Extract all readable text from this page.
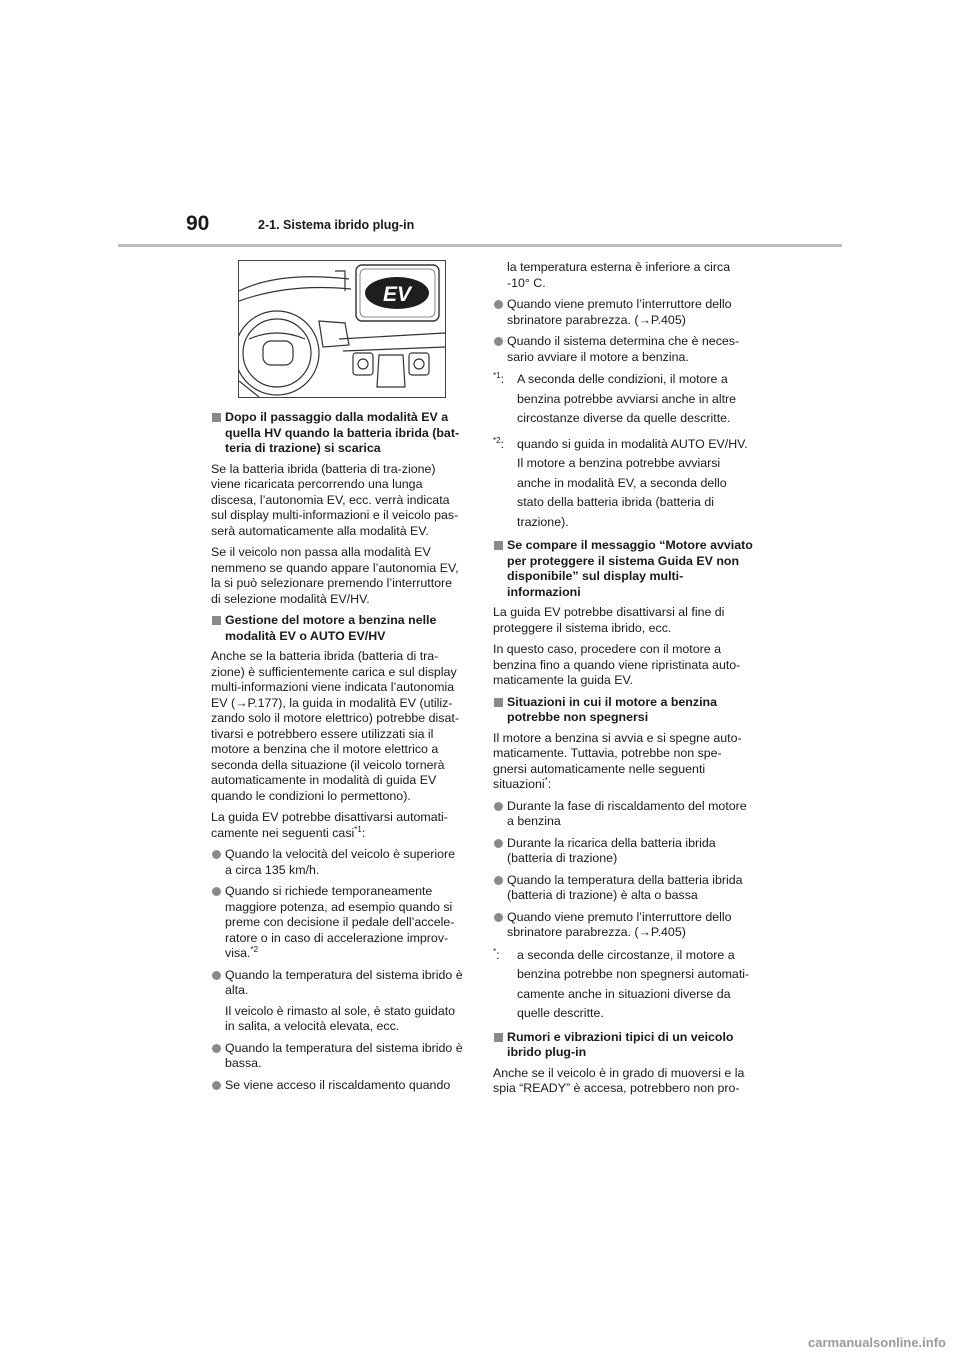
90	2-1. Sistema ibrido plug-in
EV
Dopo il passaggio dalla modalità EV a quella HV quando la batteria ibrida (bat-teria di trazione) si scarica

Se la batteria ibrida (batteria di tra-zione) viene ricaricata percorrendo una lunga discesa, l’autonomia EV, ecc. verrà indicata sul display multi-informazioni e il veicolo pas-serà automaticamente alla modalità EV.

Se il veicolo non passa alla modalità EV nemmeno se quando appare l’autonomia EV, la si può selezionare premendo l’interruttore di selezione modalità EV/HV.

Gestione del motore a benzina nelle modalità EV o AUTO EV/HV

Anche se la batteria ibrida (batteria di tra-zione) è sufficientemente carica e sul display multi-informazioni viene indicata l’autonomia EV (→P.177), la guida in modalità EV (utiliz-zando solo il motore elettrico) potrebbe disat-tivarsi e potrebbero essere utilizzati sia il motore a benzina che il motore elettrico a seconda della situazione (il veicolo tornerà automaticamente in modalità di guida EV quando le condizioni lo permettono).

La guida EV potrebbe disattivarsi automati-camente nei seguenti casi$^{*1}$:

Quando la velocità del veicolo è superiore a circa 135 km/h.
Quando si richiede temporaneamente maggiore potenza, ad esempio quando si preme con decisione il pedale dell’accele-ratore o in caso di accelerazione improv-visa.$^{*2}$
Quando la temperatura del sistema ibrido è alta.
Il veicolo è rimasto al sole, è stato guidato in salita, a velocità elevata, ecc.
Quando la temperatura del sistema ibrido è bassa.
Se viene acceso il riscaldamento quando
la temperatura esterna è inferiore a circa -10° C.
Quando viene premuto l’interruttore dello sbrinatore parabrezza. (→P.405)
Quando il sistema determina che è neces-sario avviare il motore a benzina.
$^{*1}$:	A seconda delle condizioni, il motore a benzina potrebbe avviarsi anche in altre circostanze diverse da quelle descritte.
$^{*2}$:	quando si guida in modalità AUTO EV/HV. Il motore a benzina potrebbe avviarsi anche in modalità EV, a seconda dello stato della batteria ibrida (batteria di trazione).
Se compare il messaggio “Motore avviato per proteggere il sistema Guida EV non disponibile” sul display multi-informazioni

La guida EV potrebbe disattivarsi al fine di proteggere il sistema ibrido, ecc.

In questo caso, procedere con il motore a benzina fino a quando viene ripristinata auto-maticamente la guida EV.

Situazioni in cui il motore a benzina potrebbe non spegnersi

Il motore a benzina si avvia e si spegne auto-maticamente. Tuttavia, potrebbe non spe-gnersi automaticamente nelle seguenti situazioni*:

Durante la fase di riscaldamento del motore a benzina
Durante la ricarica della batteria ibrida (batteria di trazione)
Quando la temperatura della batteria ibrida (batteria di trazione) è alta o bassa
Quando viene premuto l’interruttore dello sbrinatore parabrezza. (→P.405)
*:	a seconda delle circostanze, il motore a benzina potrebbe non spegnersi automati-camente anche in situazioni diverse da quelle descritte.
Rumori e vibrazioni tipici di un veicolo ibrido plug-in

Anche se il veicolo è in grado di muoversi e la spia “READY” è accesa, potrebbero non pro-

carmanualsonline.info
